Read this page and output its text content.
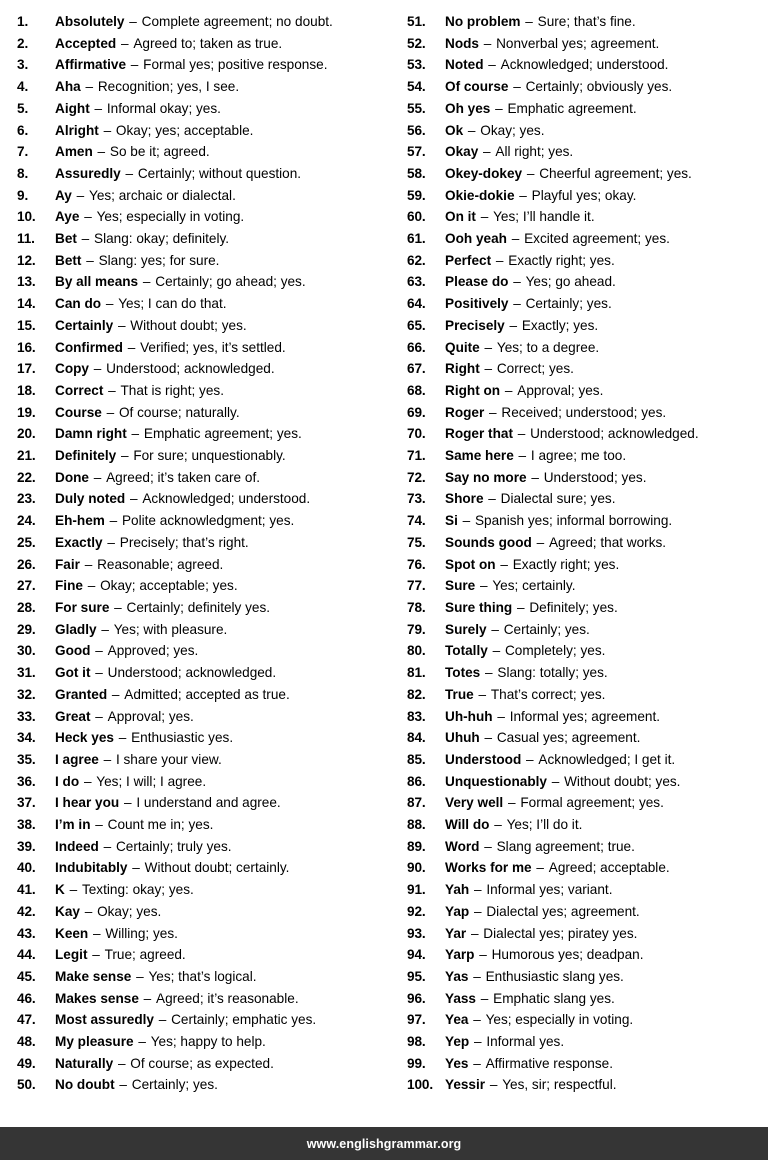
1.	Absolutely – Complete agreement; no doubt.
2.	Accepted – Agreed to; taken as true.
3.	Affirmative – Formal yes; positive response.
4.	Aha – Recognition; yes, I see.
5.	Aight – Informal okay; yes.
6.	Alright – Okay; yes; acceptable.
7.	Amen – So be it; agreed.
8.	Assuredly – Certainly; without question.
9.	Ay – Yes; archaic or dialectal.
10.	Aye – Yes; especially in voting.
11.	Bet – Slang: okay; definitely.
12.	Bett – Slang: yes; for sure.
13.	By all means – Certainly; go ahead; yes.
14.	Can do – Yes; I can do that.
15.	Certainly – Without doubt; yes.
16.	Confirmed – Verified; yes, it’s settled.
17.	Copy – Understood; acknowledged.
18.	Correct – That is right; yes.
19.	Course – Of course; naturally.
20.	Damn right – Emphatic agreement; yes.
21.	Definitely – For sure; unquestionably.
22.	Done – Agreed; it’s taken care of.
23.	Duly noted – Acknowledged; understood.
24.	Eh-hem – Polite acknowledgment; yes.
25.	Exactly – Precisely; that’s right.
26.	Fair – Reasonable; agreed.
27.	Fine – Okay; acceptable; yes.
28.	For sure – Certainly; definitely yes.
29.	Gladly – Yes; with pleasure.
30.	Good – Approved; yes.
31.	Got it – Understood; acknowledged.
32.	Granted – Admitted; accepted as true.
33.	Great – Approval; yes.
34.	Heck yes – Enthusiastic yes.
35.	I agree – I share your view.
36.	I do – Yes; I will; I agree.
37.	I hear you – I understand and agree.
38.	I’m in – Count me in; yes.
39.	Indeed – Certainly; truly yes.
40.	Indubitably – Without doubt; certainly.
41.	K – Texting: okay; yes.
42.	Kay – Okay; yes.
43.	Keen – Willing; yes.
44.	Legit – True; agreed.
45.	Make sense – Yes; that’s logical.
46.	Makes sense – Agreed; it’s reasonable.
47.	Most assuredly – Certainly; emphatic yes.
48.	My pleasure – Yes; happy to help.
49.	Naturally – Of course; as expected.
50.	No doubt – Certainly; yes.
51.	No problem – Sure; that’s fine.
52.	Nods – Nonverbal yes; agreement.
53.	Noted – Acknowledged; understood.
54.	Of course – Certainly; obviously yes.
55.	Oh yes – Emphatic agreement.
56.	Ok – Okay; yes.
57.	Okay – All right; yes.
58.	Okey-dokey – Cheerful agreement; yes.
59.	Okie-dokie – Playful yes; okay.
60.	On it – Yes; I’ll handle it.
61.	Ooh yeah – Excited agreement; yes.
62.	Perfect – Exactly right; yes.
63.	Please do – Yes; go ahead.
64.	Positively – Certainly; yes.
65.	Precisely – Exactly; yes.
66.	Quite – Yes; to a degree.
67.	Right – Correct; yes.
68.	Right on – Approval; yes.
69.	Roger – Received; understood; yes.
70.	Roger that – Understood; acknowledged.
71.	Same here – I agree; me too.
72.	Say no more – Understood; yes.
73.	Shore – Dialectal sure; yes.
74.	Si – Spanish yes; informal borrowing.
75.	Sounds good – Agreed; that works.
76.	Spot on – Exactly right; yes.
77.	Sure – Yes; certainly.
78.	Sure thing – Definitely; yes.
79.	Surely – Certainly; yes.
80.	Totally – Completely; yes.
81.	Totes – Slang: totally; yes.
82.	True – That’s correct; yes.
83.	Uh-huh – Informal yes; agreement.
84.	Uhuh – Casual yes; agreement.
85.	Understood – Acknowledged; I get it.
86.	Unquestionably – Without doubt; yes.
87.	Very well – Formal agreement; yes.
88.	Will do – Yes; I’ll do it.
89.	Word – Slang agreement; true.
90.	Works for me – Agreed; acceptable.
91.	Yah – Informal yes; variant.
92.	Yap – Dialectal yes; agreement.
93.	Yar – Dialectal yes; piratey yes.
94.	Yarp – Humorous yes; deadpan.
95.	Yas – Enthusiastic slang yes.
96.	Yass – Emphatic slang yes.
97.	Yea – Yes; especially in voting.
98.	Yep – Informal yes.
99.	Yes – Affirmative response.
100. Yessir – Yes, sir; respectful.
www.englishgrammar.org
